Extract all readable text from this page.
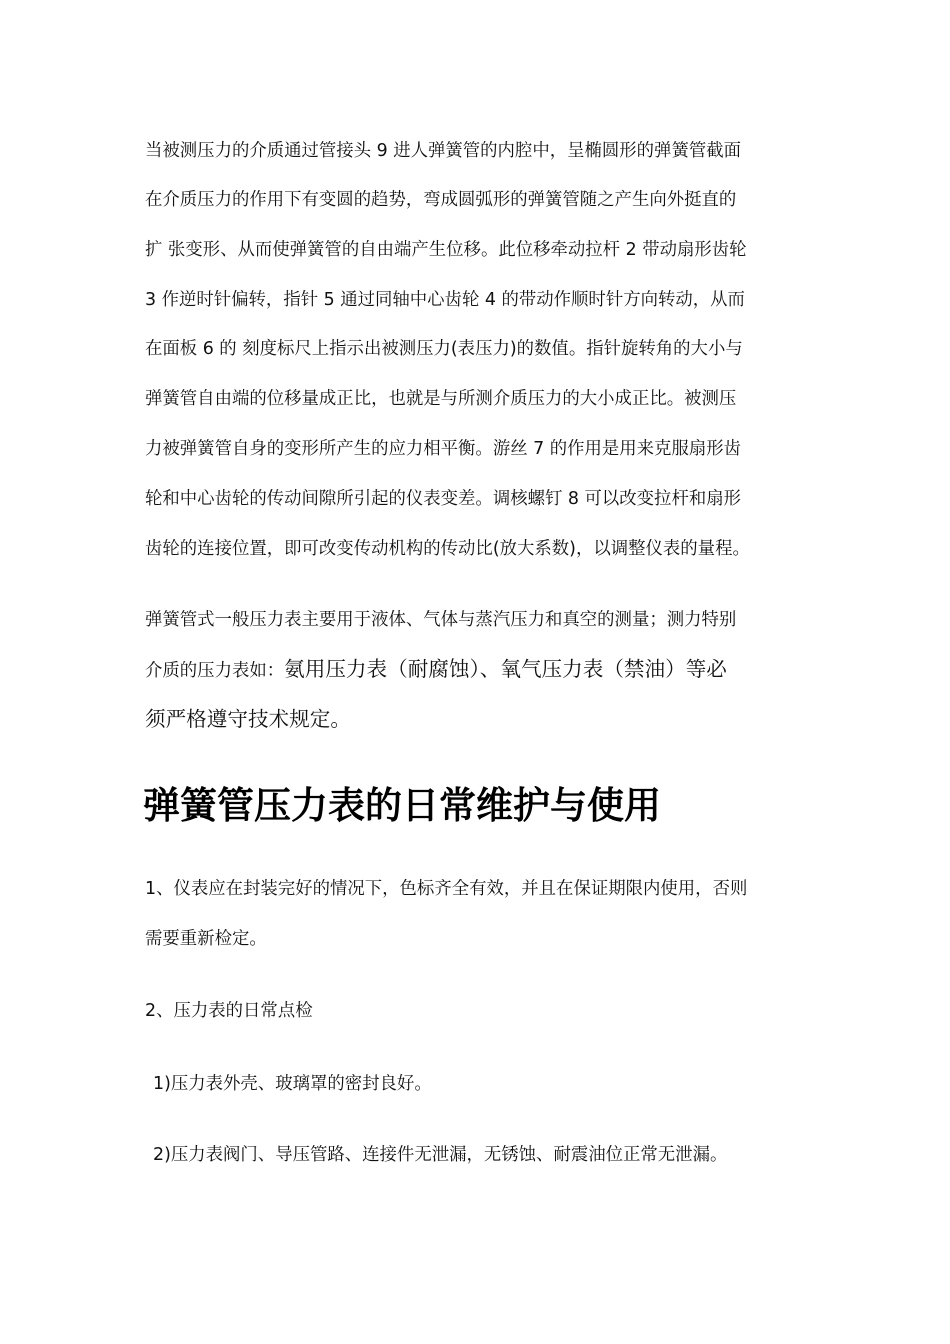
当被测压力的介质通过管接头 9 进人弹簧管的内腔中，呈椭圆形的弹簧管截面
在介质压力的作用下有变圆的趋势，弯成圆弧形的弹簧管随之产生向外挺直的
扩 张变形、从而使弹簧管的自由端产生位移。此位移牵动拉杆 2 带动扇形齿轮
3 作逆时针偏转，指针 5 通过同轴中心齿轮 4 的带动作顺时针方向转动，从而
在面板 6 的 刻度标尺上指示出被测压力(表压力)的数值。指针旋转角的大小与
弹簧管自由端的位移量成正比，也就是与所测介质压力的大小成正比。被测压
力被弹簧管自身的变形所产生的应力相平衡。游丝 7 的作用是用来克服扇形齿
轮和中心齿轮的传动间隙所引起的仪表变差。调核螺钉 8 可以改变拉杆和扇形
齿轮的连接位置，即可改变传动机构的传动比(放大系数)，以调整仪表的量程。
弹簧管式一般压力表主要用于液体、气体与蒸汽压力和真空的测量；测力特别
介质的压力表如：氨用压力表（耐腐蚀）、氧气压力表（禁油）等必
须严格遵守技术规定。
弹簧管压力表的日常维护与使用
1、仪表应在封装完好的情况下，色标齐全有效，并且在保证期限内使用，否则
需要重新检定。
2、压力表的日常点检
1)压力表外壳、玻璃罩的密封良好。
2)压力表阀门、导压管路、连接件无泄漏，无锈蚀、耐震油位正常无泄漏。
